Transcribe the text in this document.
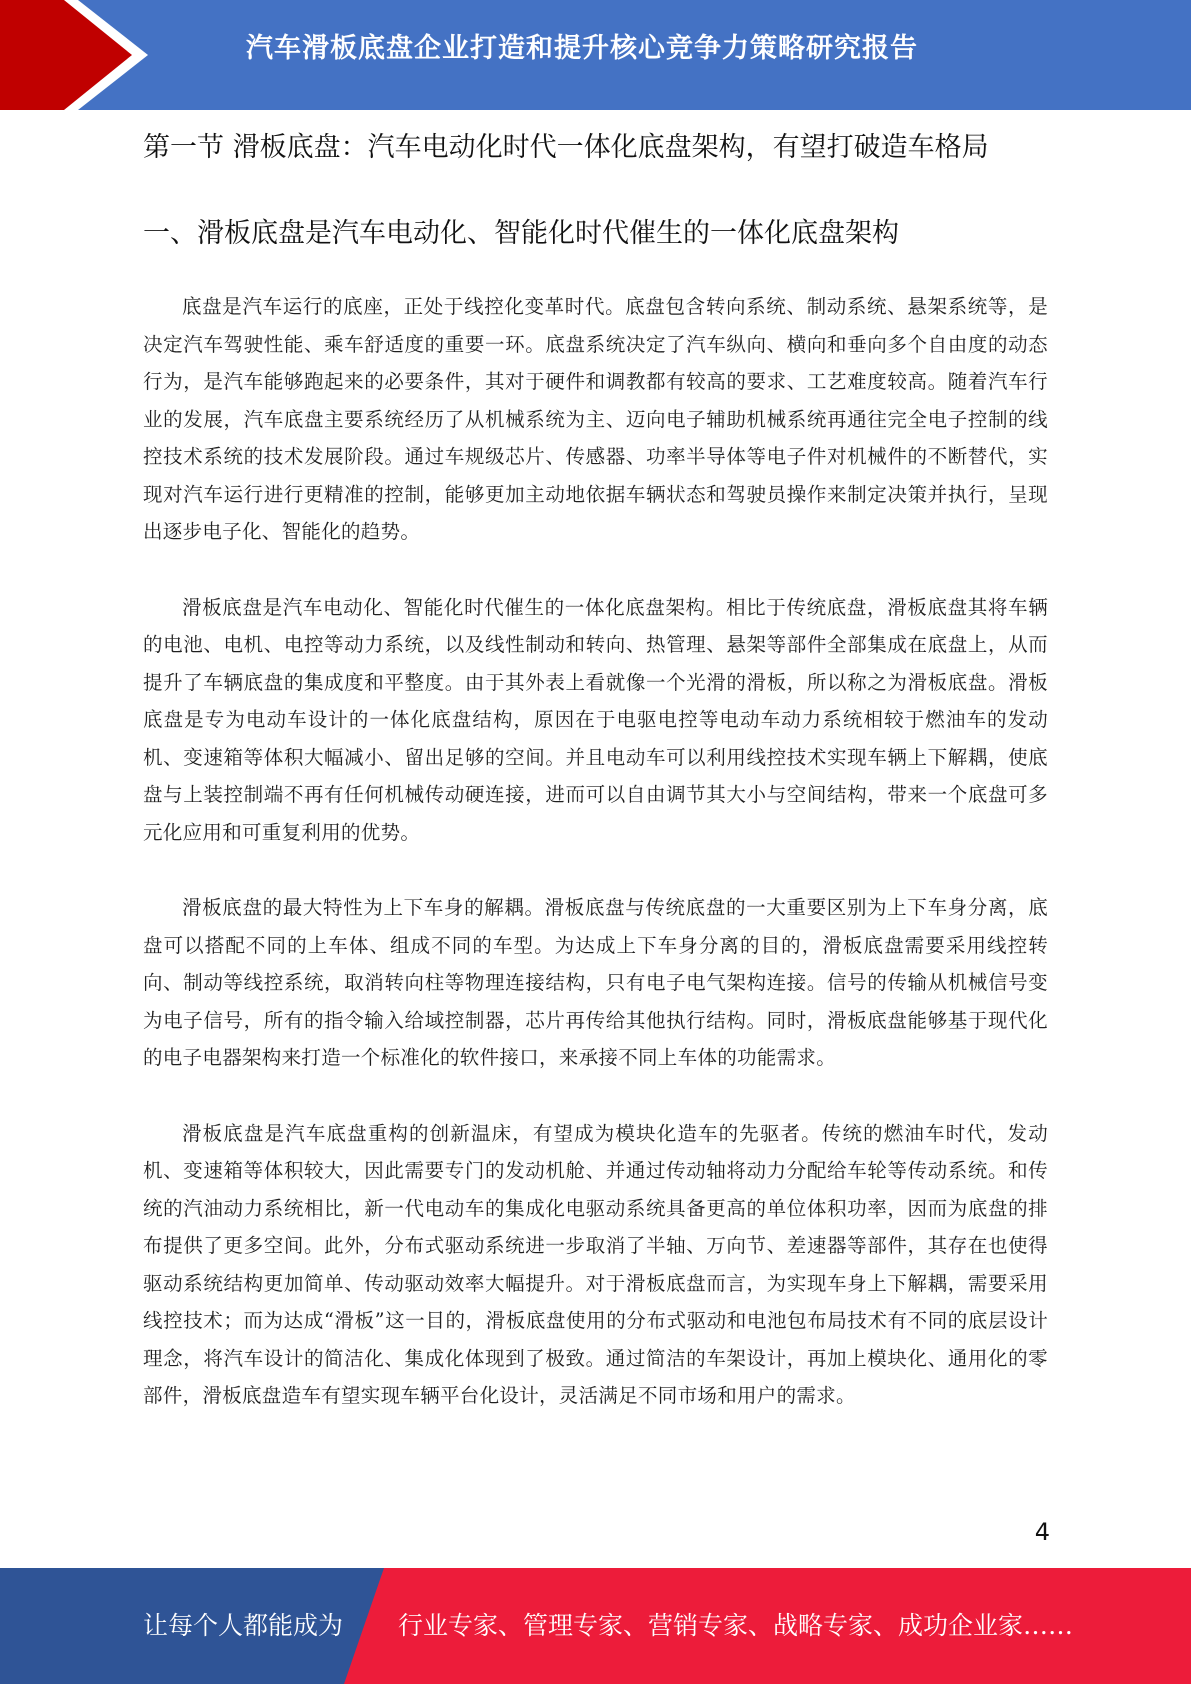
汽车滑板底盘企业打造和提升核心竞争力策略研究报告
第一节 滑板底盘：汽车电动化时代一体化底盘架构，有望打破造车格局
一、滑板底盘是汽车电动化、智能化时代催生的一体化底盘架构

底盘是汽车运行的底座，正处于线控化变革时代。底盘包含转向系统、制动系统、悬架系统等，是决定汽车驾驶性能、乘车舒适度的重要一环。底盘系统决定了汽车纵向、横向和垂向多个自由度的动态行为，是汽车能够跑起来的必要条件，其对于硬件和调教都有较高的要求、工艺难度较高。随着汽车行业的发展，汽车底盘主要系统经历了从机械系统为主、迈向电子辅助机械系统再通往完全电子控制的线控技术系统的技术发展阶段。通过车规级芯片、传感器、功率半导体等电子件对机械件的不断替代，实现对汽车运行进行更精准的控制，能够更加主动地依据车辆状态和驾驶员操作来制定决策并执行，呈现出逐步电子化、智能化的趋势。

滑板底盘是汽车电动化、智能化时代催生的一体化底盘架构。相比于传统底盘，滑板底盘其将车辆的电池、电机、电控等动力系统，以及线性制动和转向、热管理、悬架等部件全部集成在底盘上，从而提升了车辆底盘的集成度和平整度。由于其外表上看就像一个光滑的滑板，所以称之为滑板底盘。滑板底盘是专为电动车设计的一体化底盘结构，原因在于电驱电控等电动车动力系统相较于燃油车的发动机、变速箱等体积大幅减小、留出足够的空间。并且电动车可以利用线控技术实现车辆上下解耦，使底盘与上装控制端不再有任何机械传动硬连接，进而可以自由调节其大小与空间结构，带来一个底盘可多元化应用和可重复利用的优势。

滑板底盘的最大特性为上下车身的解耦。滑板底盘与传统底盘的一大重要区别为上下车身分离，底盘可以搭配不同的上车体、组成不同的车型。为达成上下车身分离的目的，滑板底盘需要采用线控转向、制动等线控系统，取消转向柱等物理连接结构，只有电子电气架构连接。信号的传输从机械信号变为电子信号，所有的指令输入给域控制器，芯片再传给其他执行结构。同时，滑板底盘能够基于现代化的电子电器架构来打造一个标准化的软件接口，来承接不同上车体的功能需求。

滑板底盘是汽车底盘重构的创新温床，有望成为模块化造车的先驱者。传统的燃油车时代，发动机、变速箱等体积较大，因此需要专门的发动机舱、并通过传动轴将动力分配给车轮等传动系统。和传统的汽油动力系统相比，新一代电动车的集成化电驱动系统具备更高的单位体积功率，因而为底盘的排布提供了更多空间。此外，分布式驱动系统进一步取消了半轴、万向节、差速器等部件，其存在也使得驱动系统结构更加简单、传动驱动效率大幅提升。对于滑板底盘而言，为实现车身上下解耦，需要采用线控技术；而为达成“滑板”这一目的，滑板底盘使用的分布式驱动和电池包布局技术有不同的底层设计理念，将汽车设计的简洁化、集成化体现到了极致。通过简洁的车架设计，再加上模块化、通用化的零部件，滑板底盘造车有望实现车辆平台化设计，灵活满足不同市场和用户的需求。

4
让每个人都能成为 行业专家、管理专家、营销专家、战略专家、成功企业家……
